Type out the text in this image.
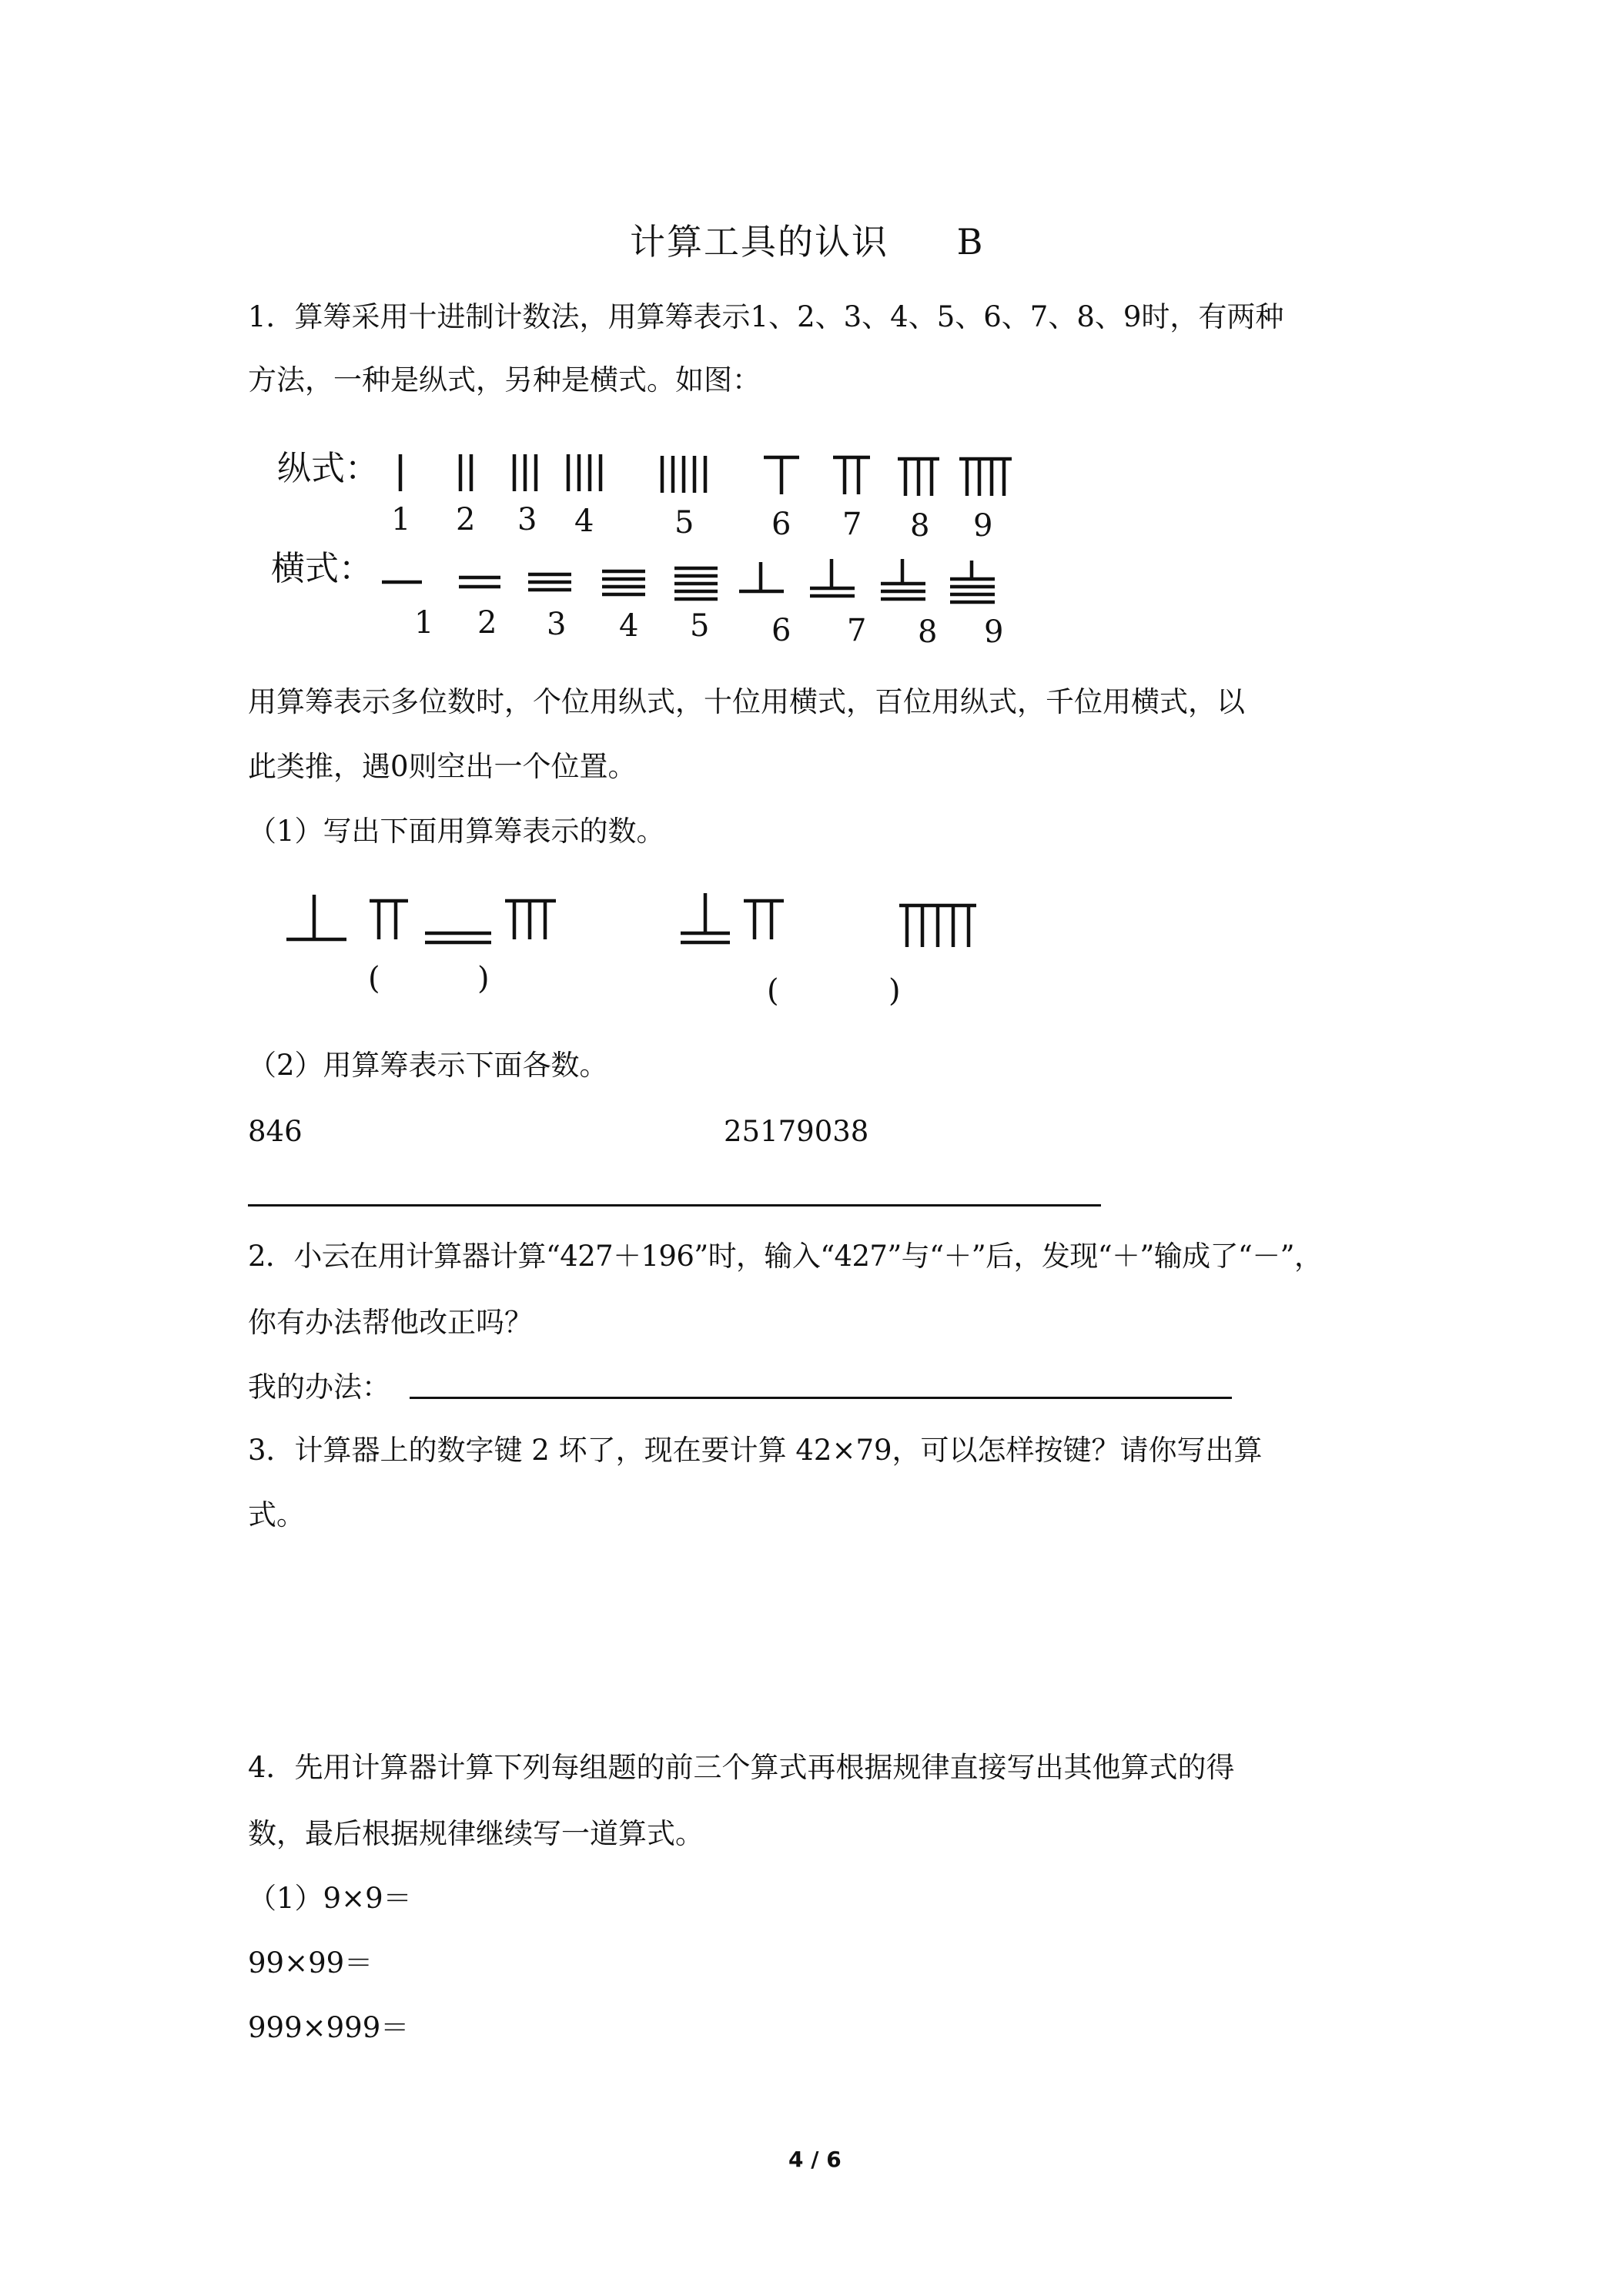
计算工具的认识 B
1．算筹采用十进制计数法，用算筹表示1、2、3、4、5、6、7、8、9时，有两种
方法，一种是纵式，另种是横式。如图：
纵式：
横式：
1 2 3 4	5	6 7 8 9
1 2 3 4 5 6 7 8 9
用算筹表示多位数时，个位用纵式，十位用横式，百位用纵式，千位用横式，以
此类推，遇0则空出一个位置。
（1）写出下面用算筹表示的数。
(	)	(	)
（2）用算筹表示下面各数。
846	25179038
2．小云在用计算器计算“427＋196”时，输入“427”与“＋”后，发现“＋”输成了“－”，
你有办法帮他改正吗？
我的办法：
3．计算器上的数字键 2 坏了，现在要计算 42×79，可以怎样按键？请你写出算
式。
4．先用计算器计算下列每组题的前三个算式再根据规律直接写出其他算式的得
数，最后根据规律继续写一道算式。
（1）9×9＝
99×99＝
999×999＝
4 / 6
